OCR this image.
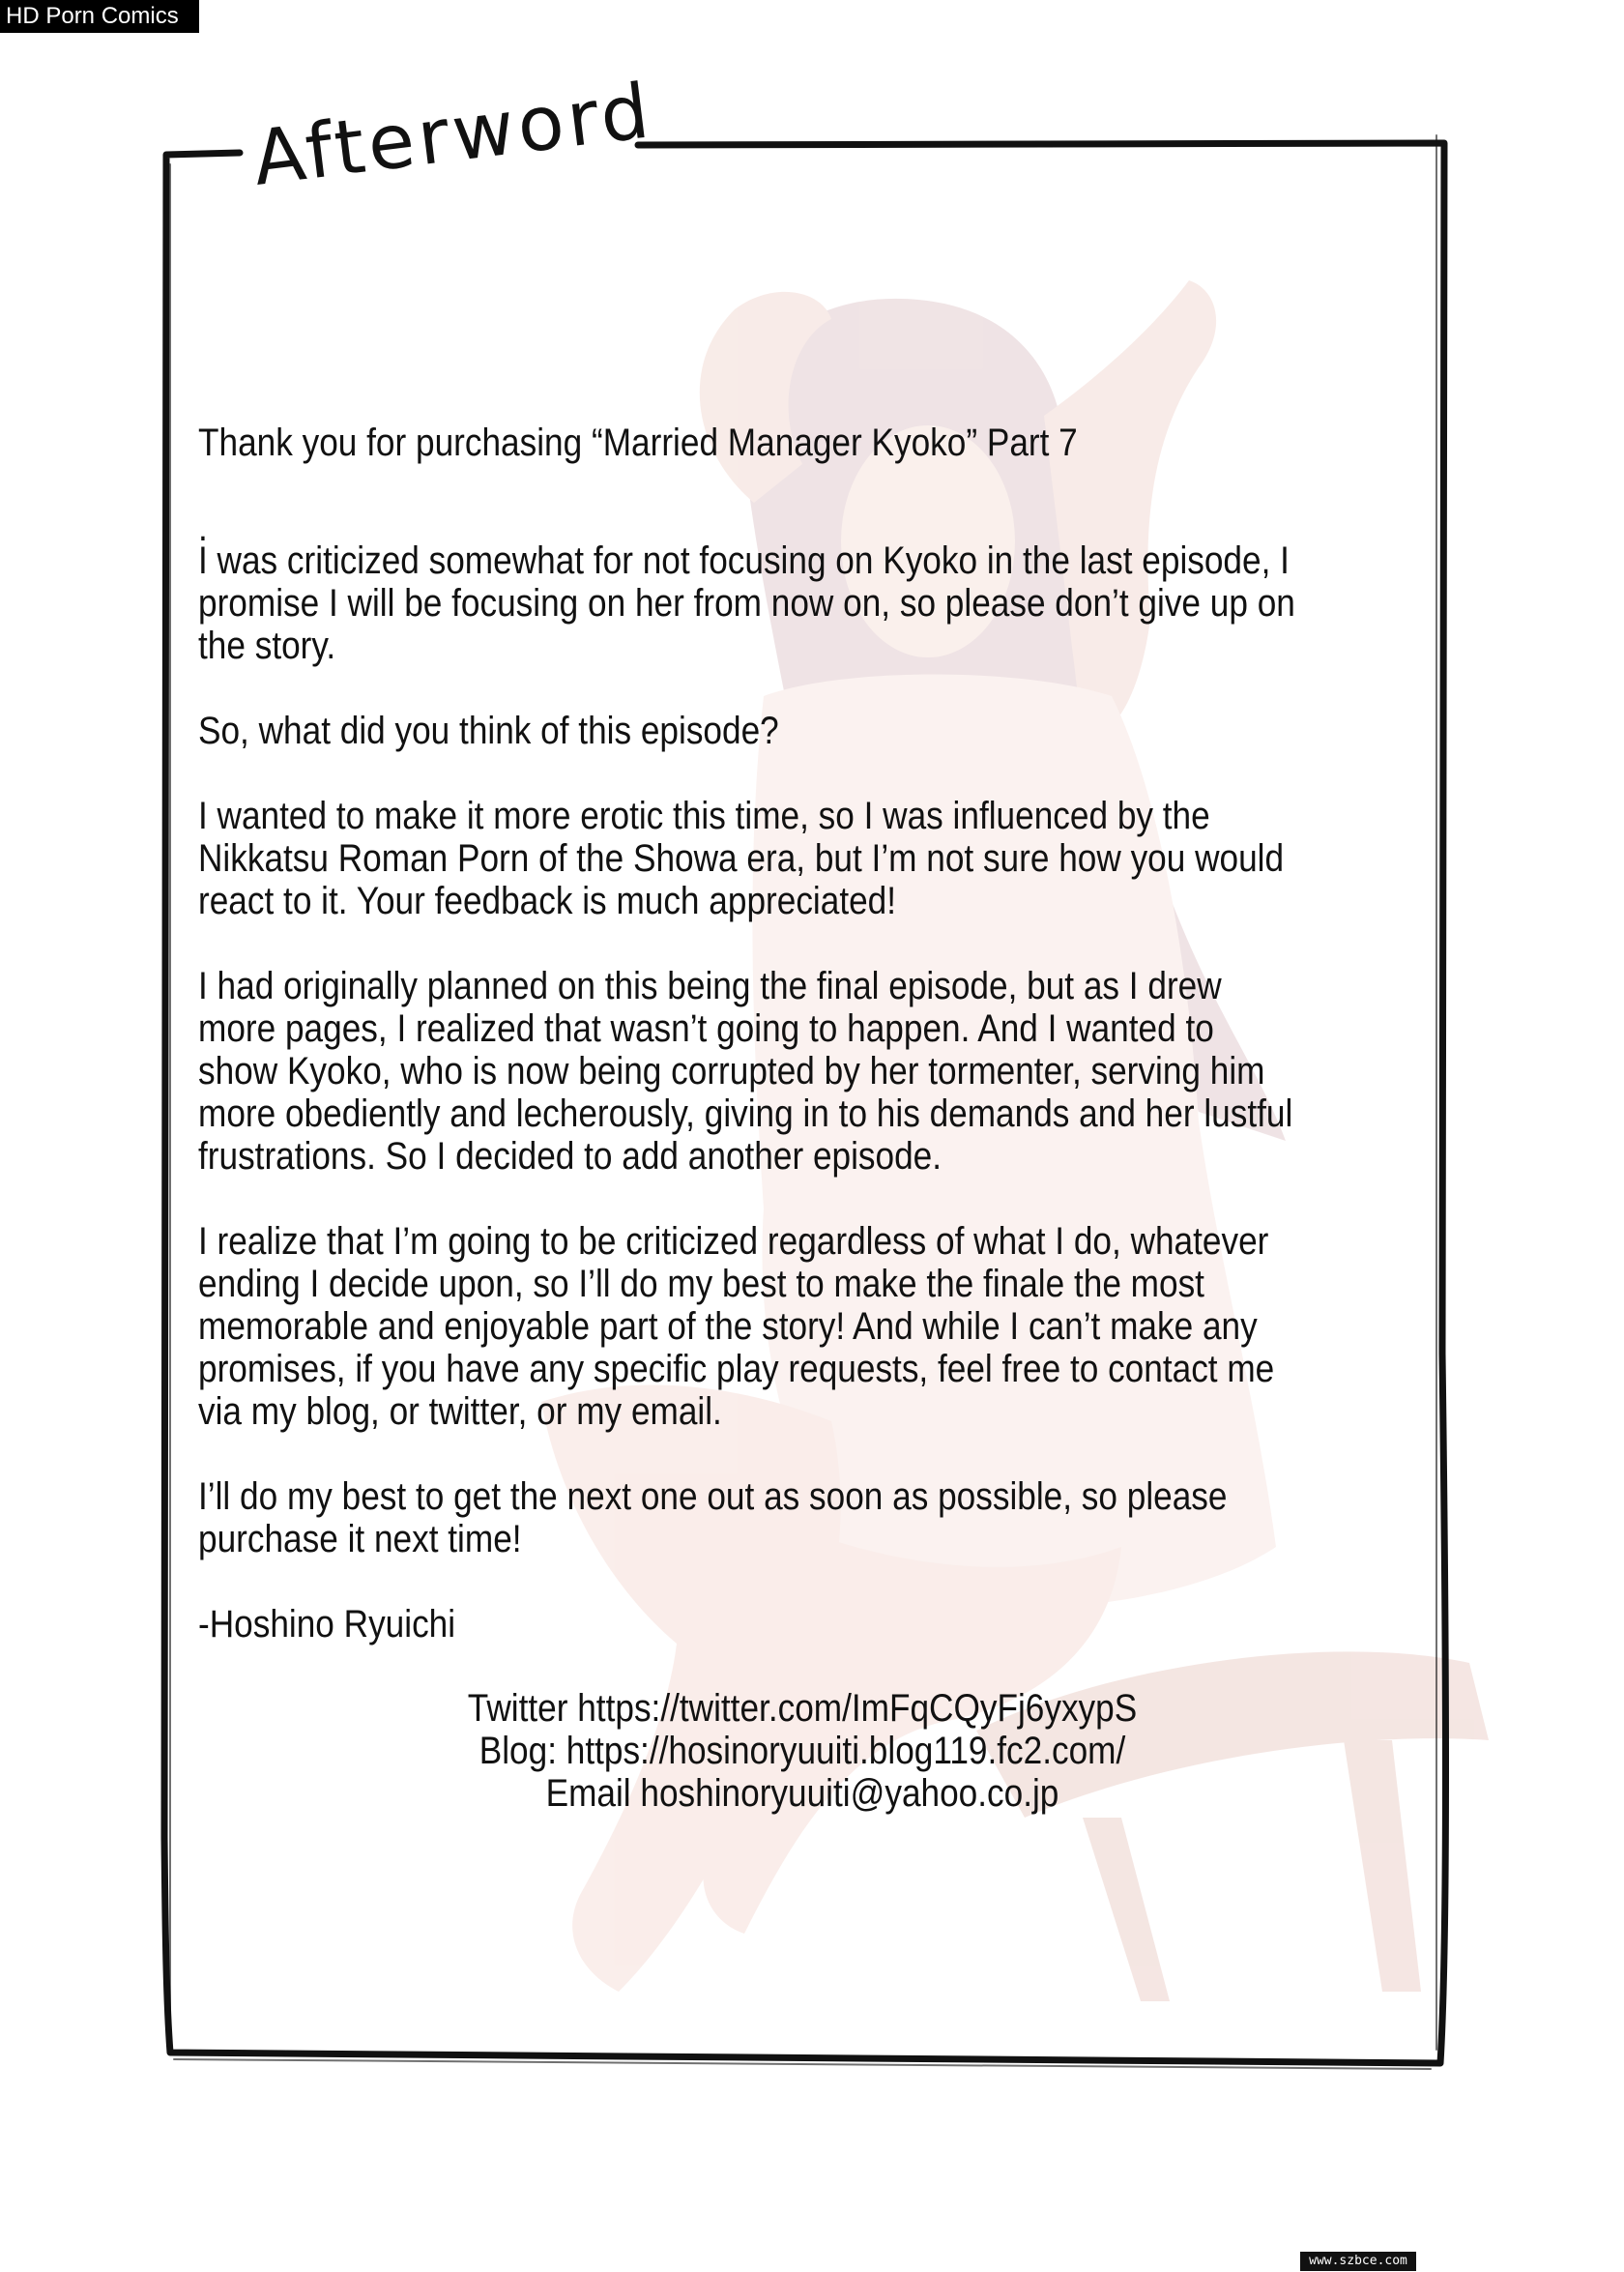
Afterword

Thank you for purchasing “Married Manager Kyoko” Part 7

.

I was criticized somewhat for not focusing on Kyoko in the last episode, I promise I will be focusing on her from now on, so please don’t give up on the story.

So, what did you think of this episode?

I wanted to make it more erotic this time, so I was influenced by the Nikkatsu Roman Porn of the Showa era, but I’m not sure how you would react to it. Your feedback is much appreciated!

I had originally planned on this being the final episode, but as I drew more pages, I realized that wasn’t going to happen. And I wanted to show Kyoko, who is now being corrupted by her tormenter, serving him more obediently and lecherously, giving in to his demands and her lustful frustrations. So I decided to add another episode.

I realize that I’m going to be criticized regardless of what I do, whatever ending I decide upon, so I’ll do my best to make the finale the most memorable and enjoyable part of the story! And while I can’t make any promises, if you have any specific play requests, feel free to contact me via my blog, or twitter, or my email.

I’ll do my best to get the next one out as soon as possible, so please purchase it next time!

-Hoshino Ryuichi

Twitter https://twitter.com/ImFqCQyFj6yxypS
Blog: https://hosinoryuuiti.blog119.fc2.com/
Email hoshinoryuuiti@yahoo.co.jp
HD Porn Comics
www.szbce.com
